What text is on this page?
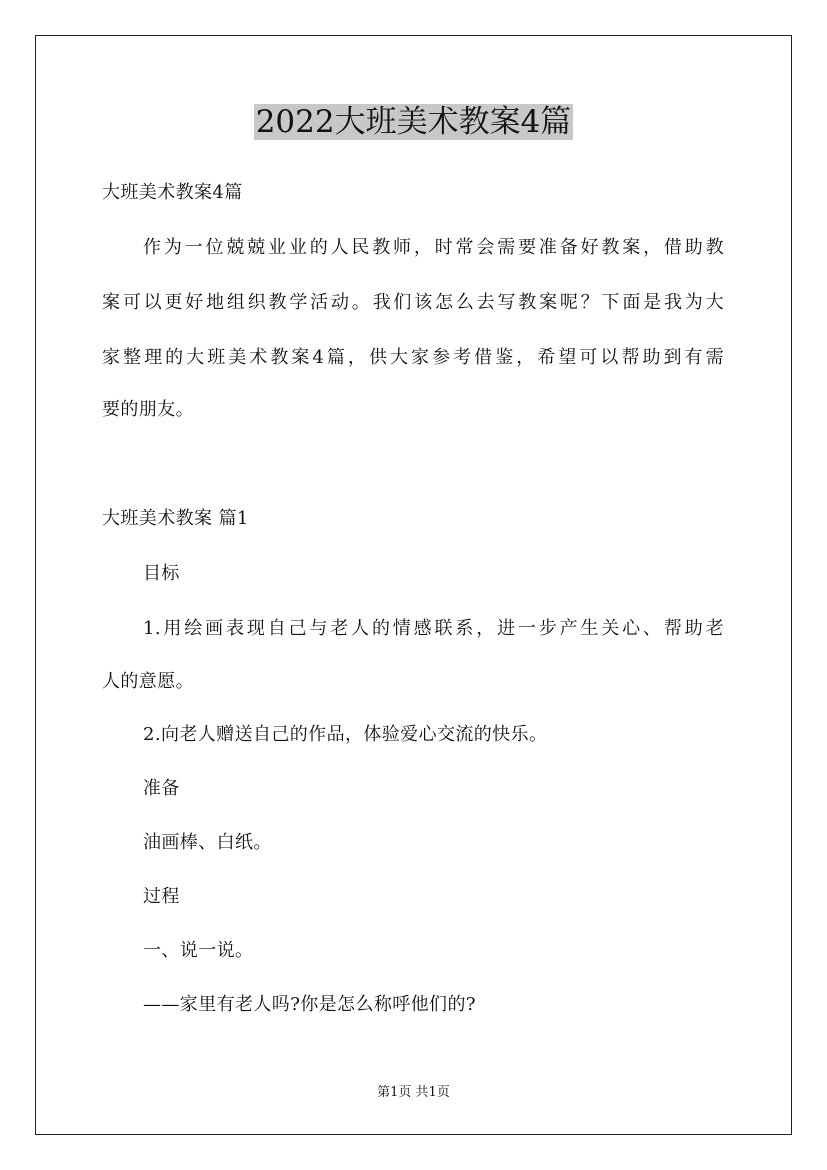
2022大班美术教案4篇
大班美术教案4篇
作为一位兢兢业业的人民教师，时常会需要准备好教案，借助教
案可以更好地组织教学活动。我们该怎么去写教案呢？下面是我为大
家整理的大班美术教案4篇，供大家参考借鉴，希望可以帮助到有需
要的朋友。
大班美术教案 篇1
目标
1.用绘画表现自己与老人的情感联系，进一步产生关心、帮助老
人的意愿。
2.向老人赠送自己的作品，体验爱心交流的快乐。
准备
油画棒、白纸。
过程
一、说一说。
——家里有老人吗?你是怎么称呼他们的?
第1页 共1页
